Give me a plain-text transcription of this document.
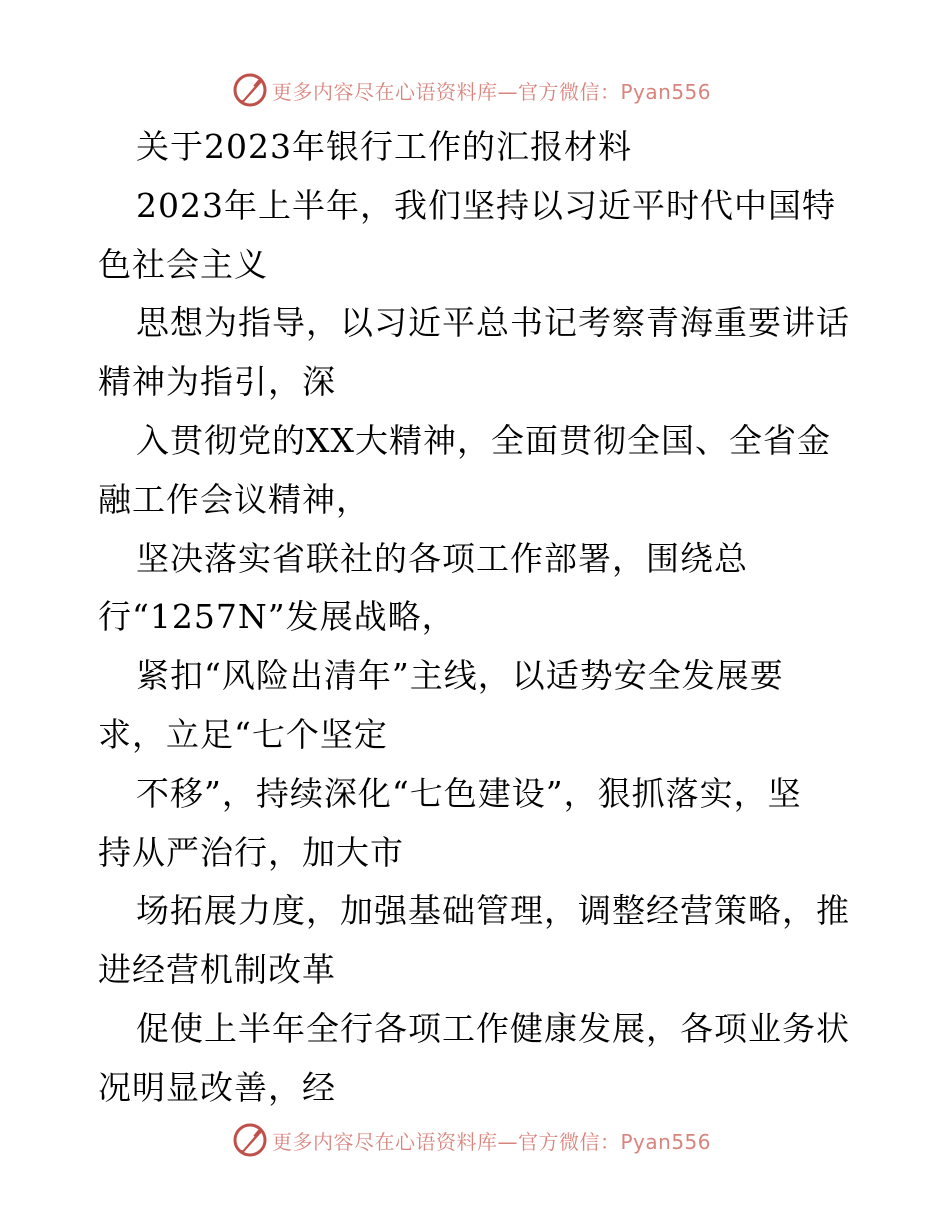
更多内容尽在心语资料库—官方微信：Pyan556
关于2023年银行工作的汇报材料
2023年上半年，我们坚持以习近平时代中国特
色社会主义
思想为指导，以习近平总书记考察青海重要讲话
精神为指引，深
入贯彻党的XX大精神，全面贯彻全国、全省金
融工作会议精神，
坚决落实省联社的各项工作部署，围绕总
行“1257N”发展战略，
紧扣“风险出清年”主线，以适势安全发展要
求，立足“七个坚定
不移”，持续深化“七色建设”，狠抓落实，坚
持从严治行，加大市
场拓展力度，加强基础管理，调整经营策略，推
进经营机制改革
促使上半年全行各项工作健康发展，各项业务状
况明显改善，经
更多内容尽在心语资料库—官方微信：Pyan556
